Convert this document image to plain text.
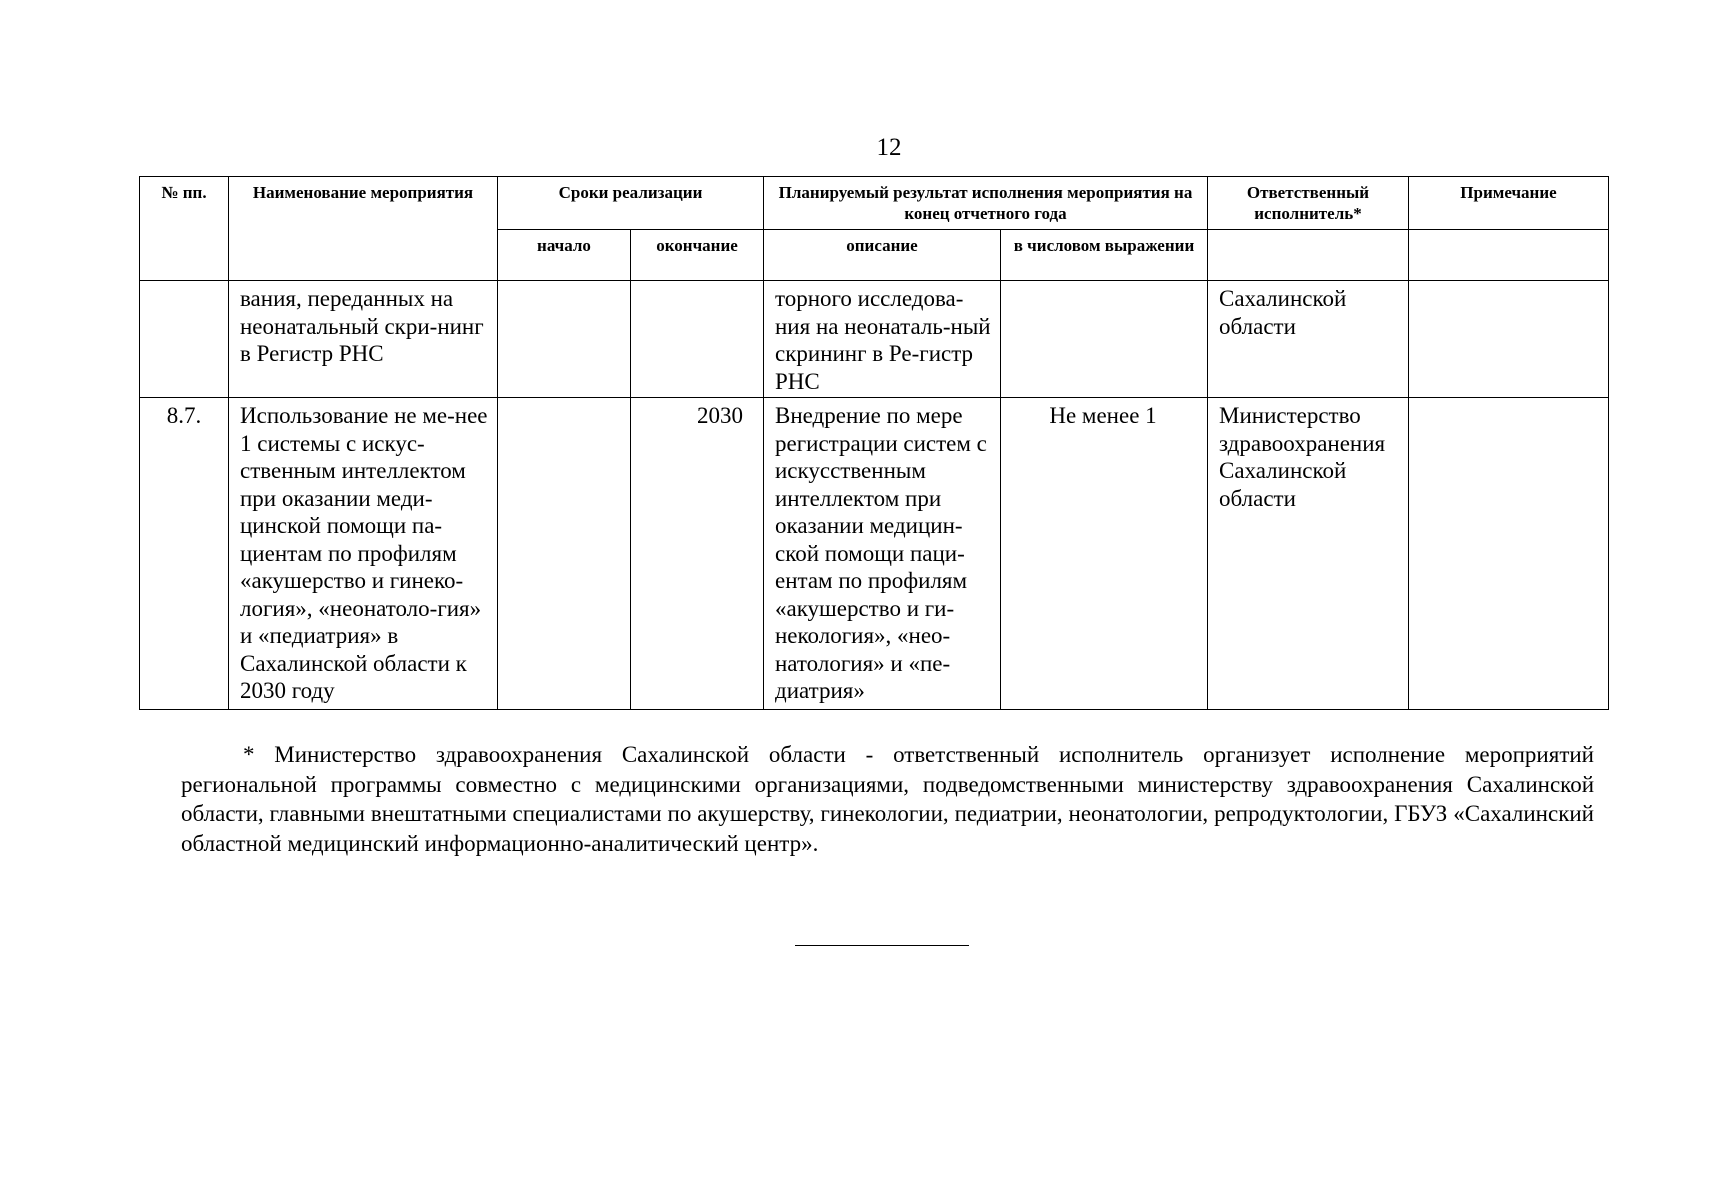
12
№ пп.	Наименование мероприятия	Сроки реализации		Планируемый результат исполнения мероприятия на конец отчетного года		Ответственный исполнитель*	Примечание
		начало	окончание	описание	в числовом выражении		
	вания, переданных на неонатальный скри-нинг в Регистр РНС			торного исследова-ния на неонаталь-ный скрининг в Ре-гистр РНС		Сахалинской области	
8.7.	Использование не ме-нее 1 системы с искус-ственным интеллектом при оказании меди-цинской помощи па-циентам по профилям «акушерство и гинеко-логия», «неонатоло-гия» и «педиатрия» в Сахалинской области к 2030 году		2030	Внедрение по мере регистрации систем с искусственным интеллектом при оказании медицин-ской помощи паци-ентам по профилям «акушерство и ги-некология», «нео-натология» и «пе-диатрия»	Не менее 1	Министерство здравоохранения Сахалинской области	
* Министерство здравоохранения Сахалинской области - ответственный исполнитель организует исполнение мероприятий региональной программы совместно с медицинскими организациями, подведомственными министерству здравоохранения Сахалинской области, главными внештатными специалистами по акушерству, гинекологии, педиатрии, неонатологии, репродуктологии, ГБУЗ «Сахалинский областной медицинский информационно-аналитический центр».
